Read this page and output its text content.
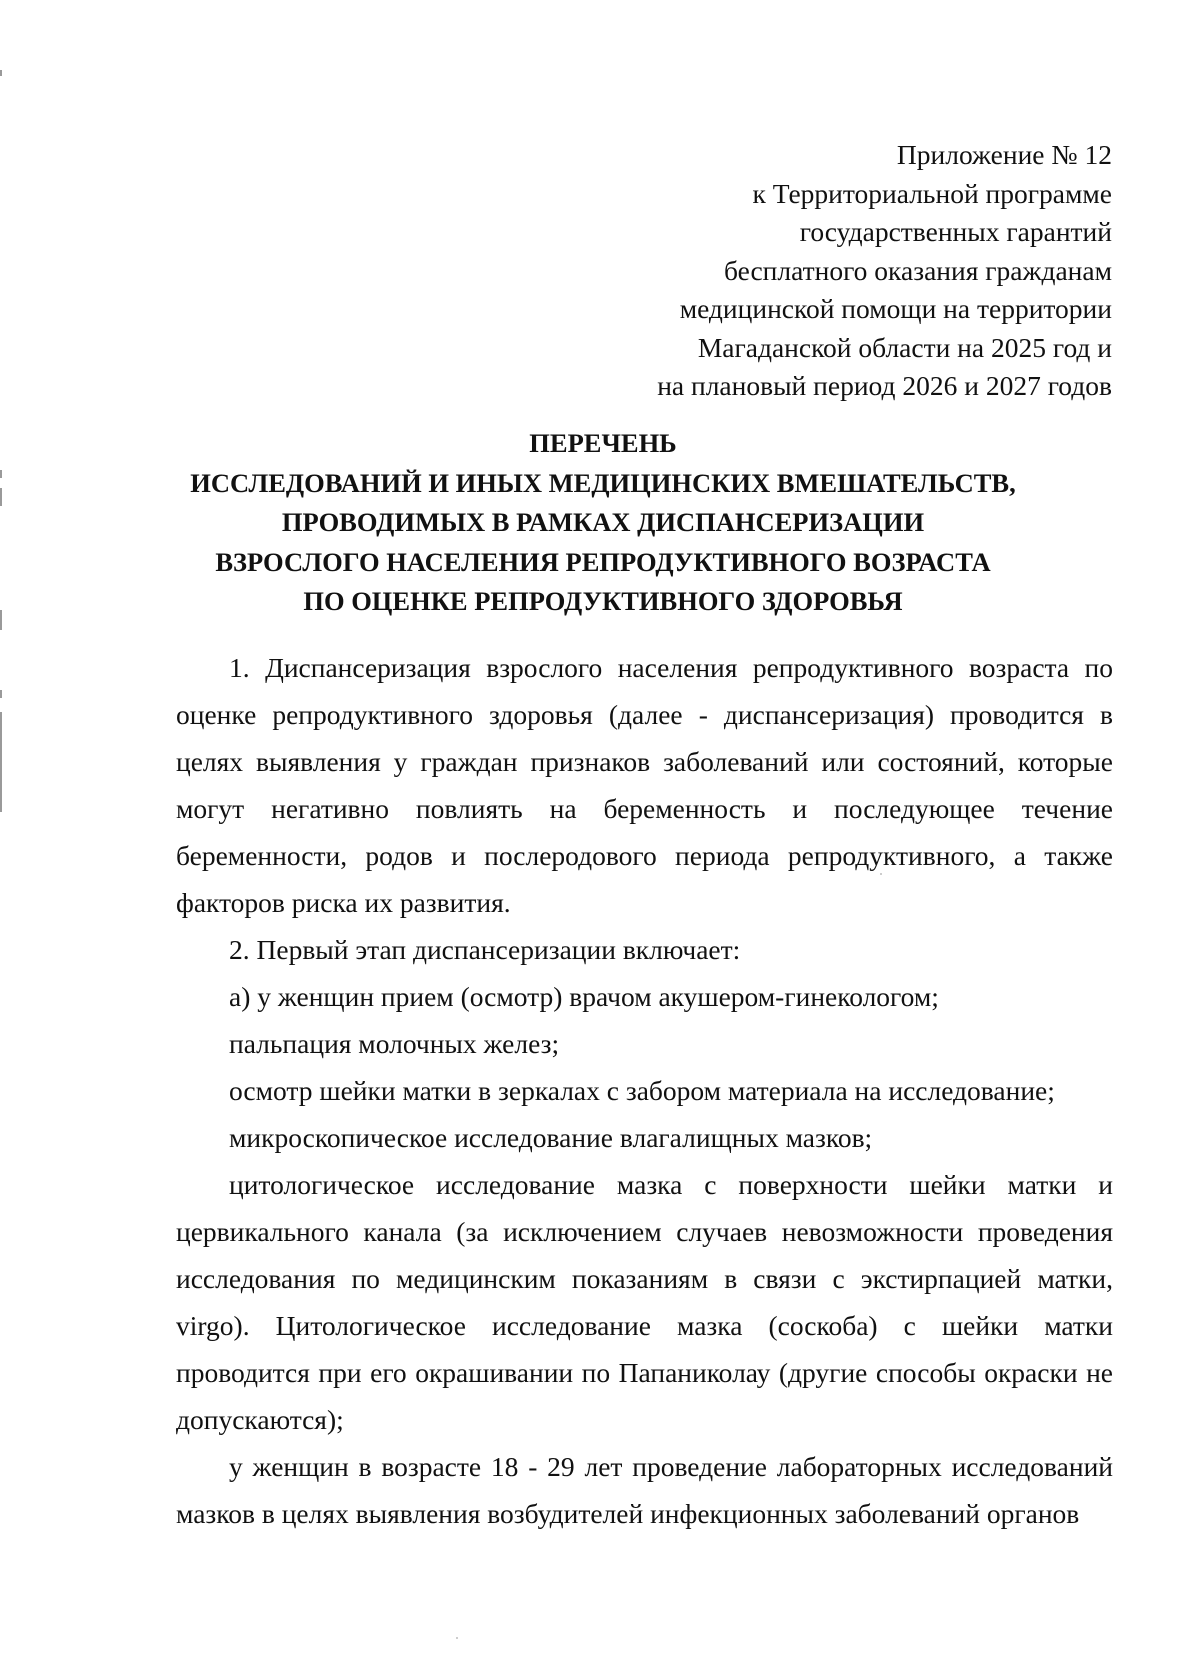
Приложение № 12
к Территориальной программе
государственных гарантий
бесплатного оказания гражданам
медицинской помощи на территории
Магаданской области на 2025 год и
на плановый период 2026 и 2027 годов
ПЕРЕЧЕНЬ
ИССЛЕДОВАНИЙ И ИНЫХ МЕДИЦИНСКИХ ВМЕШАТЕЛЬСТВ,
ПРОВОДИМЫХ В РАМКАХ ДИСПАНСЕРИЗАЦИИ
ВЗРОСЛОГО НАСЕЛЕНИЯ РЕПРОДУКТИВНОГО ВОЗРАСТА
ПО ОЦЕНКЕ РЕПРОДУКТИВНОГО ЗДОРОВЬЯ

1. Диспансеризация взрослого населения репродуктивного возраста по оценке репродуктивного здоровья (далее - диспансеризация) проводится в целях выявления у граждан признаков заболеваний или состояний, которые могут негативно повлиять на беременность и последующее течение беременности, родов и послеродового периода репродуктивного, а также факторов риска их развития.

2. Первый этап диспансеризации включает:

а) у женщин прием (осмотр) врачом акушером-гинекологом;

пальпация молочных желез;

осмотр шейки матки в зеркалах с забором материала на исследование;

микроскопическое исследование влагалищных мазков;

цитологическое исследование мазка с поверхности шейки матки и цервикального канала (за исключением случаев невозможности проведения исследования по медицинским показаниям в связи с экстирпацией матки, virgo). Цитологическое исследование мазка (соскоба) с шейки матки проводится при его окрашивании по Папаниколау (другие способы окраски не допускаются);

у женщин в возрасте 18 - 29 лет проведение лабораторных исследований мазков в целях выявления возбудителей инфекционных заболеваний органов
